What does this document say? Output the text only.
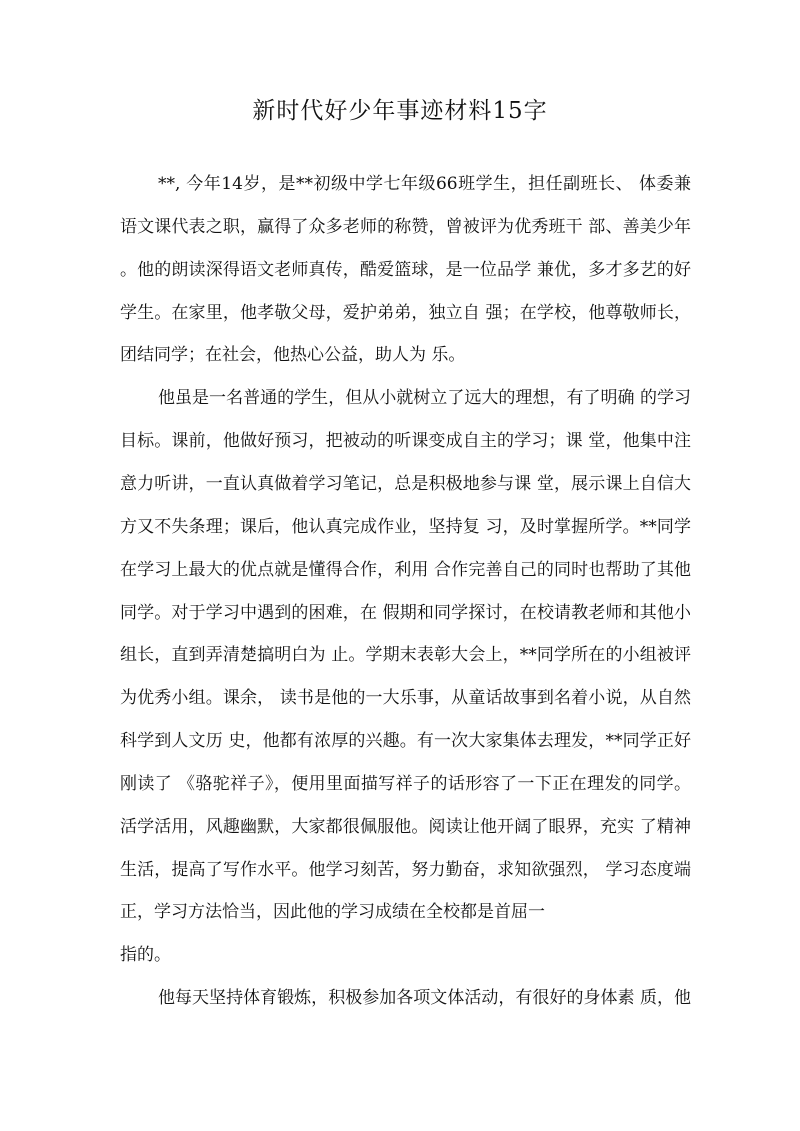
新时代好少年事迹材料15字
**, 今年14岁，是**初级中学七年级66班学生，担任副班长、 体委兼
语文课代表之职，赢得了众多老师的称赞，曾被评为优秀班干 部、善美少年
。他的朗读深得语文老师真传，酷爱篮球，是一位品学 兼优，多才多艺的好
学生。在家里，他孝敬父母，爱护弟弟，独立自 强；在学校，他尊敬师长，
团结同学；在社会，他热心公益，助人为 乐。
他虽是一名普通的学生，但从小就树立了远大的理想，有了明确 的学习
目标。课前，他做好预习，把被动的听课变成自主的学习；课 堂，他集中注
意力听讲，一直认真做着学习笔记，总是积极地参与课 堂，展示课上自信大
方又不失条理；课后，他认真完成作业，坚持复 习，及时掌握所学。**同学
在学习上最大的优点就是懂得合作，利用 合作完善自己的同时也帮助了其他
同学。对于学习中遇到的困难，在 假期和同学探讨，在校请教老师和其他小
组长，直到弄清楚搞明白为 止。学期末表彰大会上，**同学所在的小组被评
为优秀小组。课余， 读书是他的一大乐事，从童话故事到名着小说，从自然
科学到人文历 史，他都有浓厚的兴趣。有一次大家集体去理发，**同学正好
刚读了 《骆驼祥子》，便用里面描写祥子的话形容了一下正在理发的同学。
活学活用，风趣幽默，大家都很佩服他。阅读让他开阔了眼界，充实 了精神
生活，提高了写作水平。他学习刻苦，努力勤奋，求知欲强烈， 学习态度端
正，学习方法恰当，因此他的学习成绩在全校都是首屈一
指的。
他每天坚持体育锻炼，积极参加各项文体活动，有很好的身体素 质，他
